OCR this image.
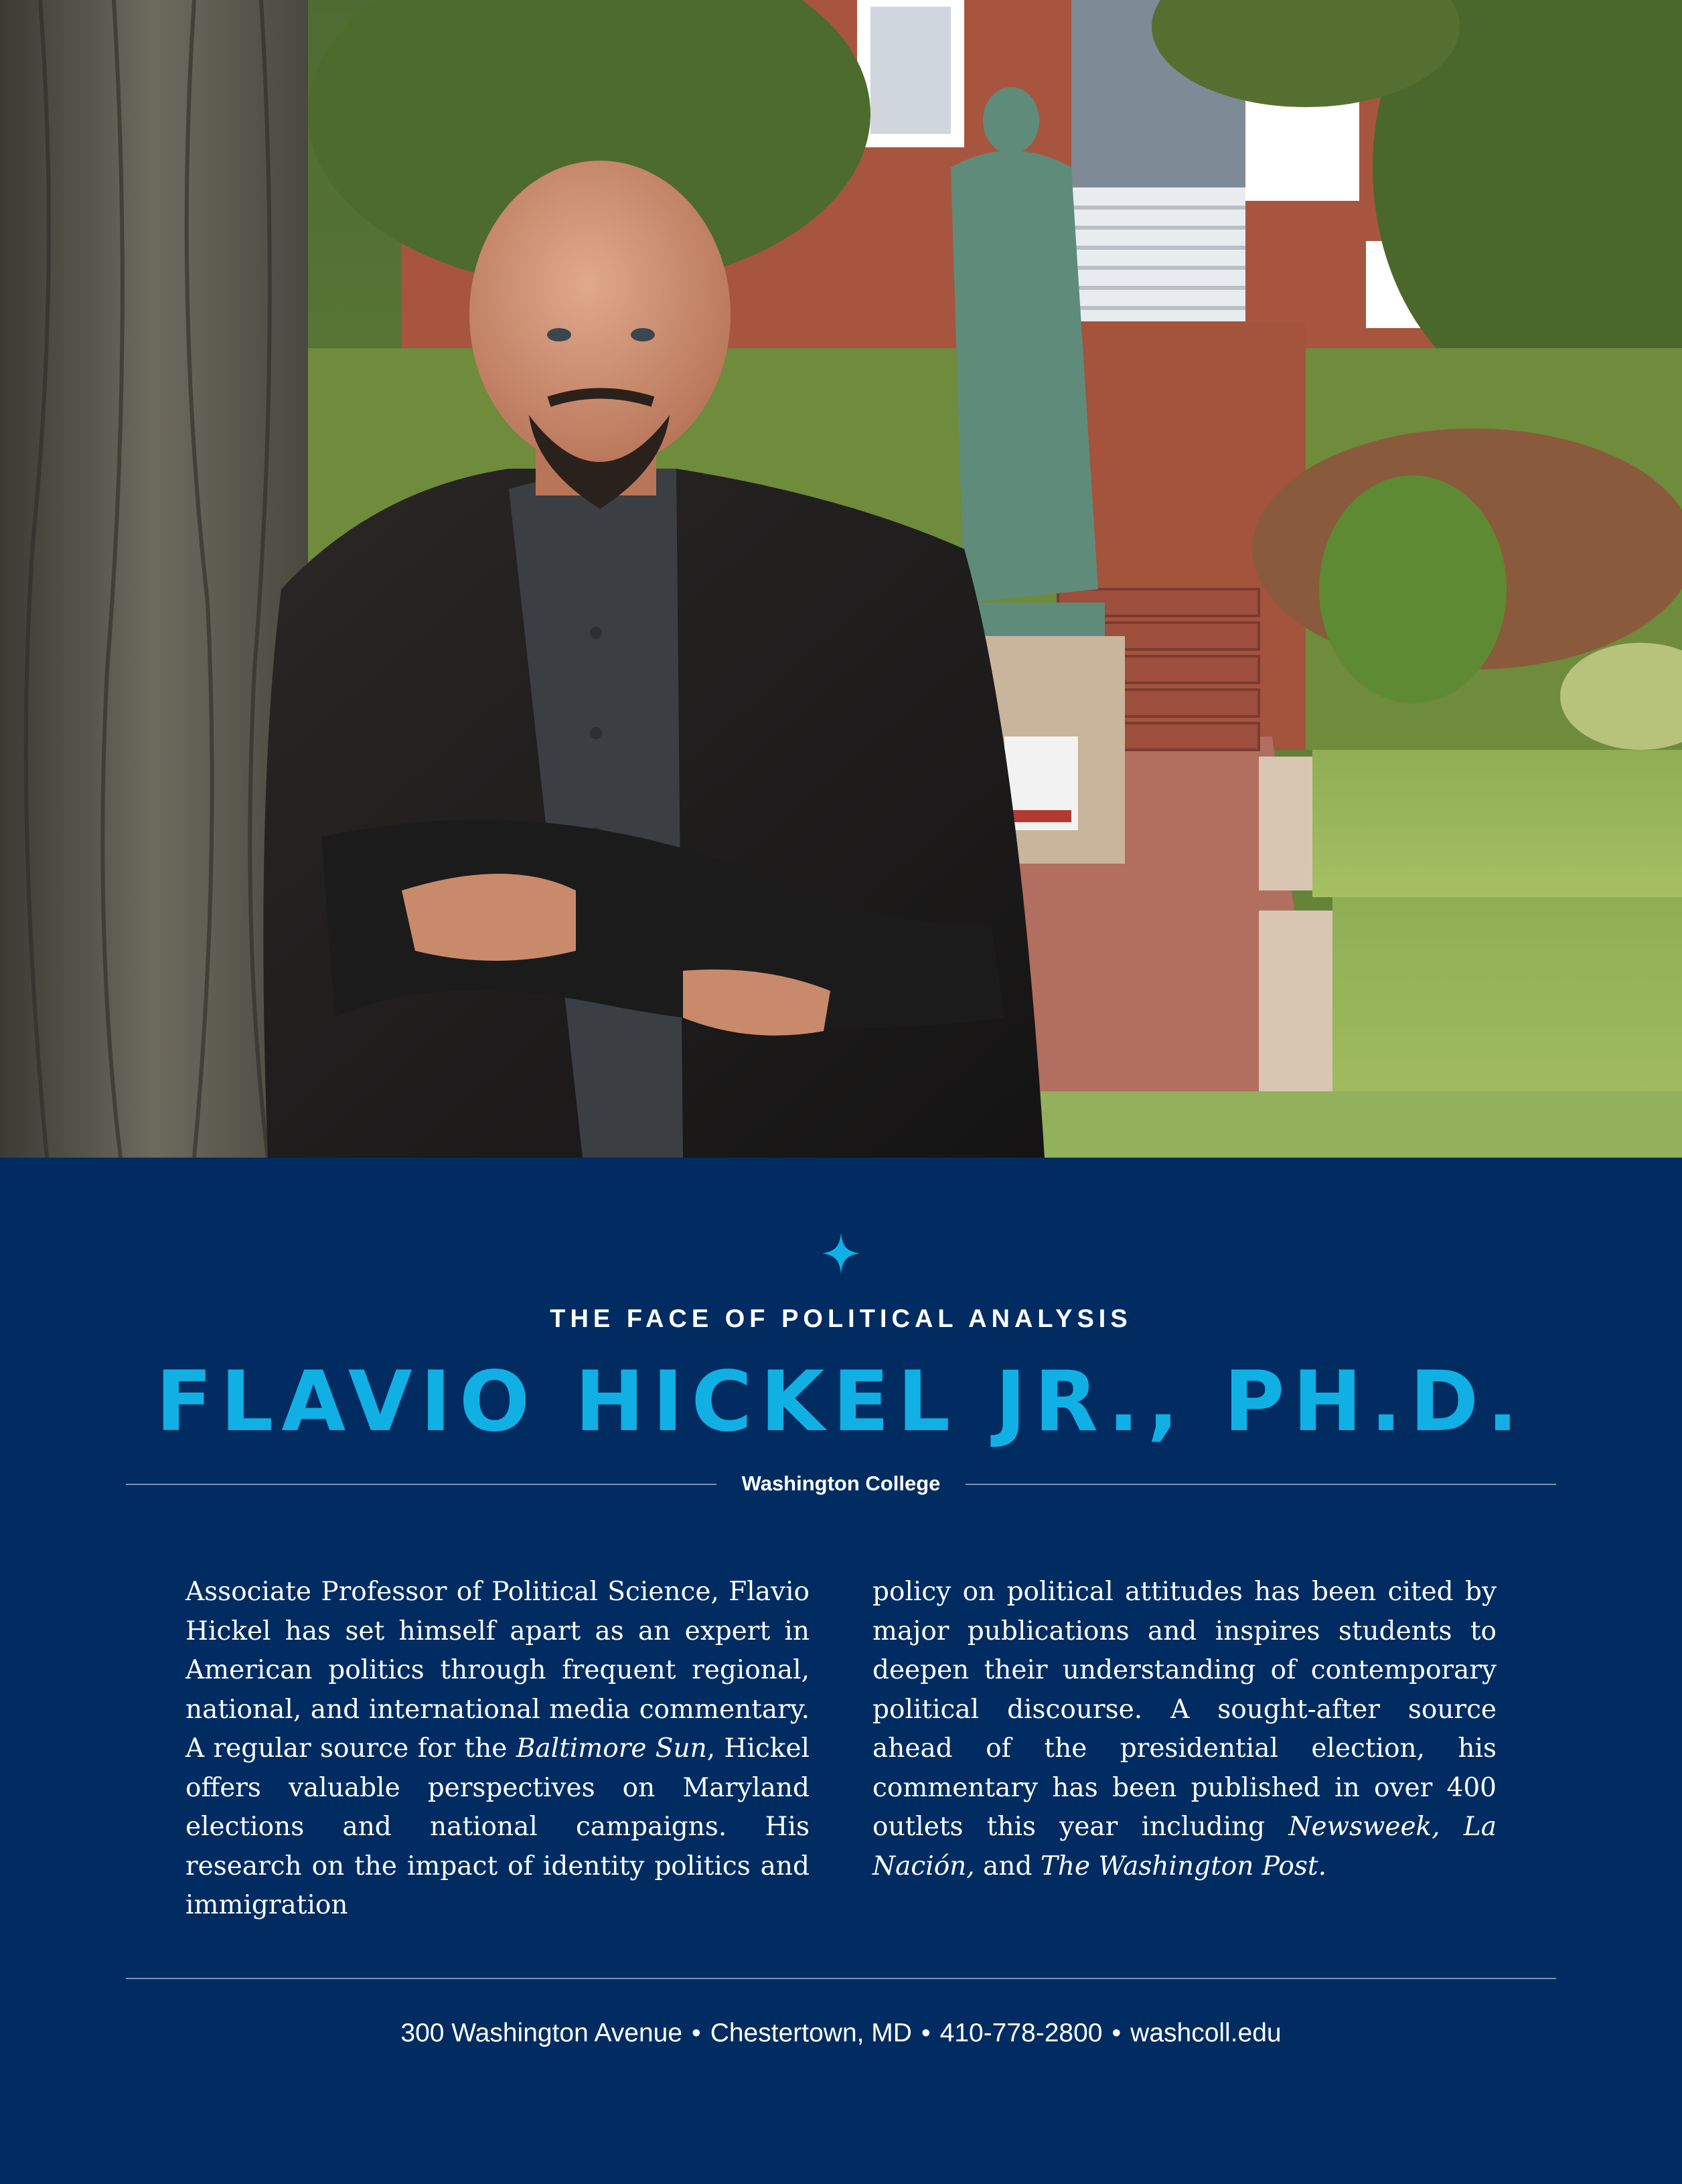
THE FACE OF POLITICAL ANALYSIS
FLAVIO HICKEL JR., PH.D.
Washington College
Associate Professor of Political Science, Flavio Hickel has set himself apart as an expert in American politics through frequent regional, national, and international media commentary. A regular source for the Baltimore Sun, Hickel offers valuable perspectives on Maryland elections and national campaigns. His research on the impact of identity politics and immigration
policy on political attitudes has been cited by major publications and inspires students to deepen their understanding of contemporary political discourse. A sought-after source ahead of the presidential election, his commentary has been published in over 400 outlets this year including Newsweek, La Nación, and The Washington Post.
300 Washington Avenue • Chestertown, MD • 410-778-2800 • washcoll.edu
